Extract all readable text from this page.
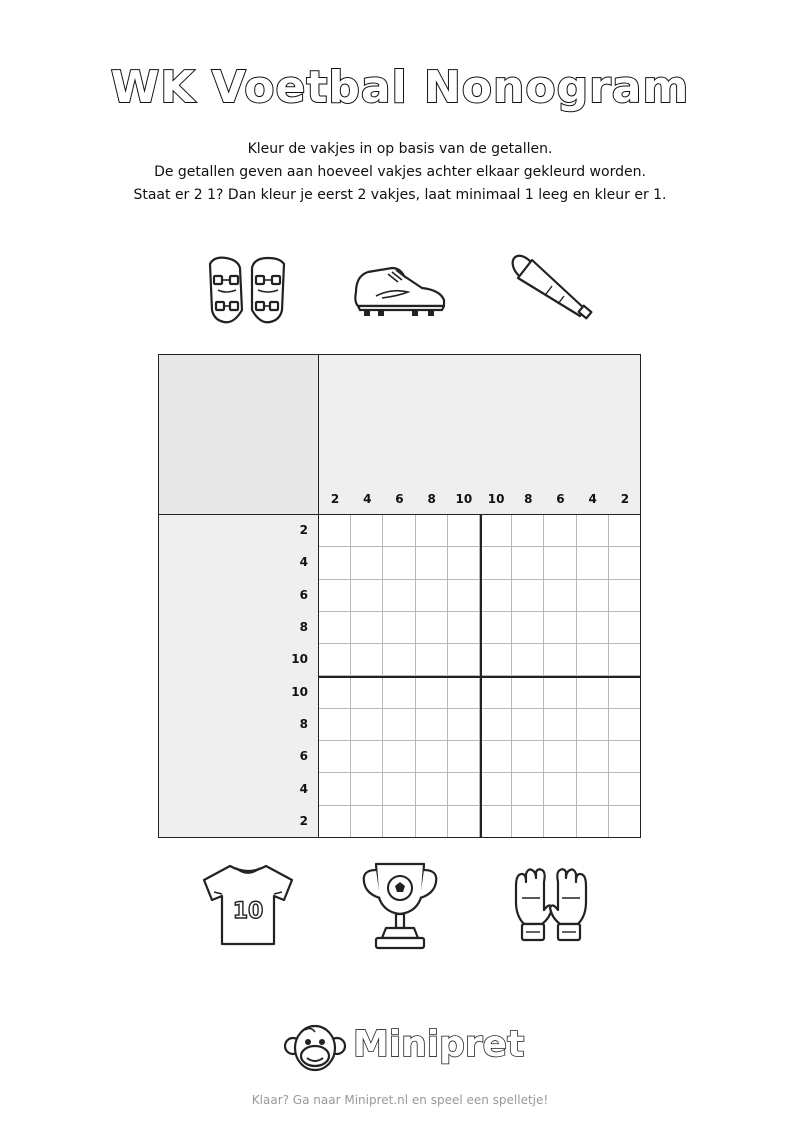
WK Voetbal Nonogram
Kleur de vakjes in op basis van de getallen.
De getallen geven aan hoeveel vakjes achter elkaar gekleurd worden.
Staat er 2 1? Dan kleur je eerst 2 vakjes, laat minimaal 1 leeg en kleur er 1.
2	4	6	8	10	10	8	6	4	2
2
4
6
8
10
10
8
6
4
2
10
Minipret
Klaar? Ga naar Minipret.nl en speel een spelletje!
